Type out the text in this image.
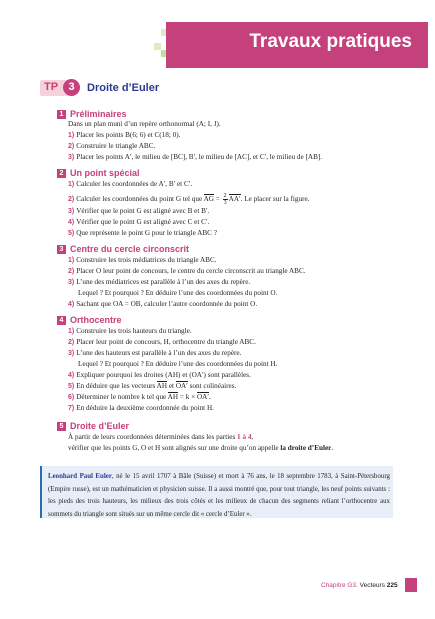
Travaux pratiques
TP 3	Droite d’Euler
1 Préliminaires
Dans un plan muni d’un repère orthonormal (A; I, J).
1) Placer les points B(6; 6) et C(18; 0).
2) Construire le triangle ABC.
3) Placer les points A′, le milieu de [BC], B′, le milieu de [AC], et C′, le milieu de [AB].
2 Un point spécial
1) Calculer les coordonnées de A′, B′ et C′.
2) Calculer les coordonnées du point G tel que AG = $\frac{2}{3}AA'$. Le placer sur la figure.
3) Vérifier que le point G est aligné avec B et B′.
4) Vérifier que le point G est aligné avec C et C′.
5) Que représente le point G pour le triangle ABC ?
3 Centre du cercle circonscrit
1) Construire les trois médiatrices du triangle ABC.
2) Placer O leur point de concours, le centre du cercle circonscrit au triangle ABC.
3) L’une des médiatrices est parallèle à l’un des axes du repère.
Lequel ? Et pourquoi ? En déduire l’une des coordonnées du point O.
4) Sachant que OA = OB, calculer l’autre coordonnée du point O.
4 Orthocentre
1) Construire les trois hauteurs du triangle.
2) Placer leur point de concours, H, orthocentre du triangle ABC.
3) L’une des hauteurs est parallèle à l’un des axes du repère.
Lequel ? Et pourquoi ? En déduire l’une des coordonnées du point H.
4) Expliquer pourquoi les droites (AH) et (OA′) sont parallèles.
5) En déduire que les vecteurs AH et OA′ sont colinéaires.
6) Déterminer le nombre k tel que AH = k × OA′.
7) En déduire la deuxième coordonnée du point H.
5 Droite d’Euler
À partir de leurs coordonnées déterminées dans les parties 1 à 4,
vérifier que les points G, O et H sont alignés sur une droite qu’on appelle la droite d’Euler.
Leonhard Paul Euler, né le 15 avril 1707 à Bâle (Suisse) et mort à 76 ans, le 18 septembre 1783, à Saint-Pétersbourg (Empire russe), est un mathématicien et physicien suisse. Il a aussi montré que, pour tout triangle, les neuf points suivants : les pieds des trois hauteurs, les milieux des trois côtés et les milieux de chacun des segments reliant l’orthocentre aux sommets du triangle sont situés sur un même cercle dit « cercle d’Euler ».
Chapitre G3. Vecteurs 225
